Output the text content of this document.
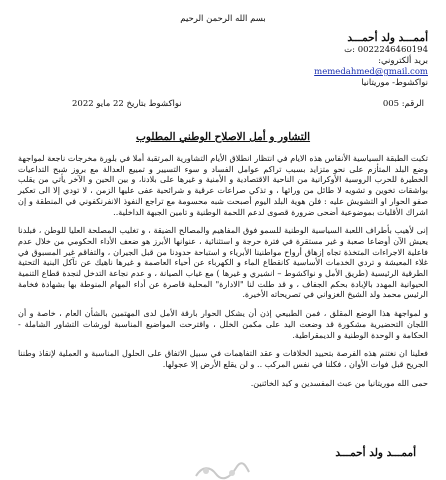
بسم الله الرحمن الرحيم
أممـــد ولد أحمـــد
0022246460194 :ت
بريد ألكتروني: memedahmed@gmail.com
نواكشوط- موريتانيا
نواكشوط بتاريخ 22 مايو 2022	الرقم: 005
التشاور و أمل الاصلاح الوطني المطلوب

تكبت الطبقة السياسية الأنفاس هذه الايام في انتظار انطلاق الأيام التشاورية المرتقبة أملا في بلورة مخرجات ناجعة لمواجهة وضع البلد المتأزم على نحو متزايد بسبب تراكم عوامل الفساد و سوء التسيير و تمييع العدالة مع بروز شبح التداعيات الخطيرة للحرب الروسية الأوكرانية من الناحية الاقتصادية و الأمنية و غيرها على بلادنا، و بين الحين و الآخر يأتي من يقلب بواشقات تخوين و تشويه لا طائل من ورائها ، و تذكي صراعات عرقية و شرائحية عفى عليها الزمن ، لا تودي إلا الى تعكير صفو الحوار او التشويش عليه : فلن هوية البلد اليوم أصبحت شبه محسومة مع تراجع النفوذ الانفرنكفوني في المنطقة و إن اشراك الأقليات بموضوعية أضحى ضرورة قصوى لدعم اللحمة الوطنية و تامين الجبهة الداخلية..

إنى لأهيب بأطراف اللعبة السياسية الوطنية للسمو فوق المفاهيم والمصالح الضيقة ، و تغليب المصلحة العليا للوطن ، فبلدنا يعيش الآن أوضاعا صعبة و غير مستقرة في فترة حرجة و استثنائية ، عنوانها الأبرز هو ضعف الأداء الحكومي من خلال عدم فاعلية الاجراءات المتخذة تجاه إزهاق أرواح مواطنينا الأبرياء و استباحة حدودنا من قبل الجيران ، والتفاقم غير المسبوق في غلاء المعيشة و تردي الخدمات الأساسية كانقطاع الماء و الكهرباء عن أحياء العاصمة و غيرها ناهيك عن تآكل البنية التحتية الطرقية الرئيسية (طريق الأمل و نواكشوط – انشيري و غيرها ) مع غياب الصيانة ، و عدم نجاعة التدخل لنجدة قطاع التنمية الحيوانية المهدد بالإبادة بحكم الجفاف ، و قد طلت لنا "الادارة" المحلية قاصرة عن أداء المهام المنوطة بها بشهادة فخامة الرئيس محمد ولد الشيخ الغزواني في تصريحاته الأخيرة.

و لمواجهة هذا الوضع المقلق ، فمن الطبيعي إذن أن يشكل الحوار بارقة الأمل لدى المهتمين بالشأن العام ، خاصة و أن اللجان التحضيرية مشكورة قد وضعت اليد على مكمن الخلل ، واقترحت المواضيع المناسبة لورشات التشاور الشاملة - الحكامة و الوحدة الوطنية و الديمقراطية.

فعلينا ان نغتنم هذه الفرصة بتحييد الخلافات و عقد التفاهمات في سبيل الاتفاق على الحلول المناسبة و العملية لإنقاذ وطننا الجريح قبل فوات الأوان ، فكلنا في نفس المركب .. و لن يقلع الأرض إلا عجولها.

حمى الله موريتانيا من عبث المفسدين و كيد الخائنين.

أممـــد ولد أحمـــد
